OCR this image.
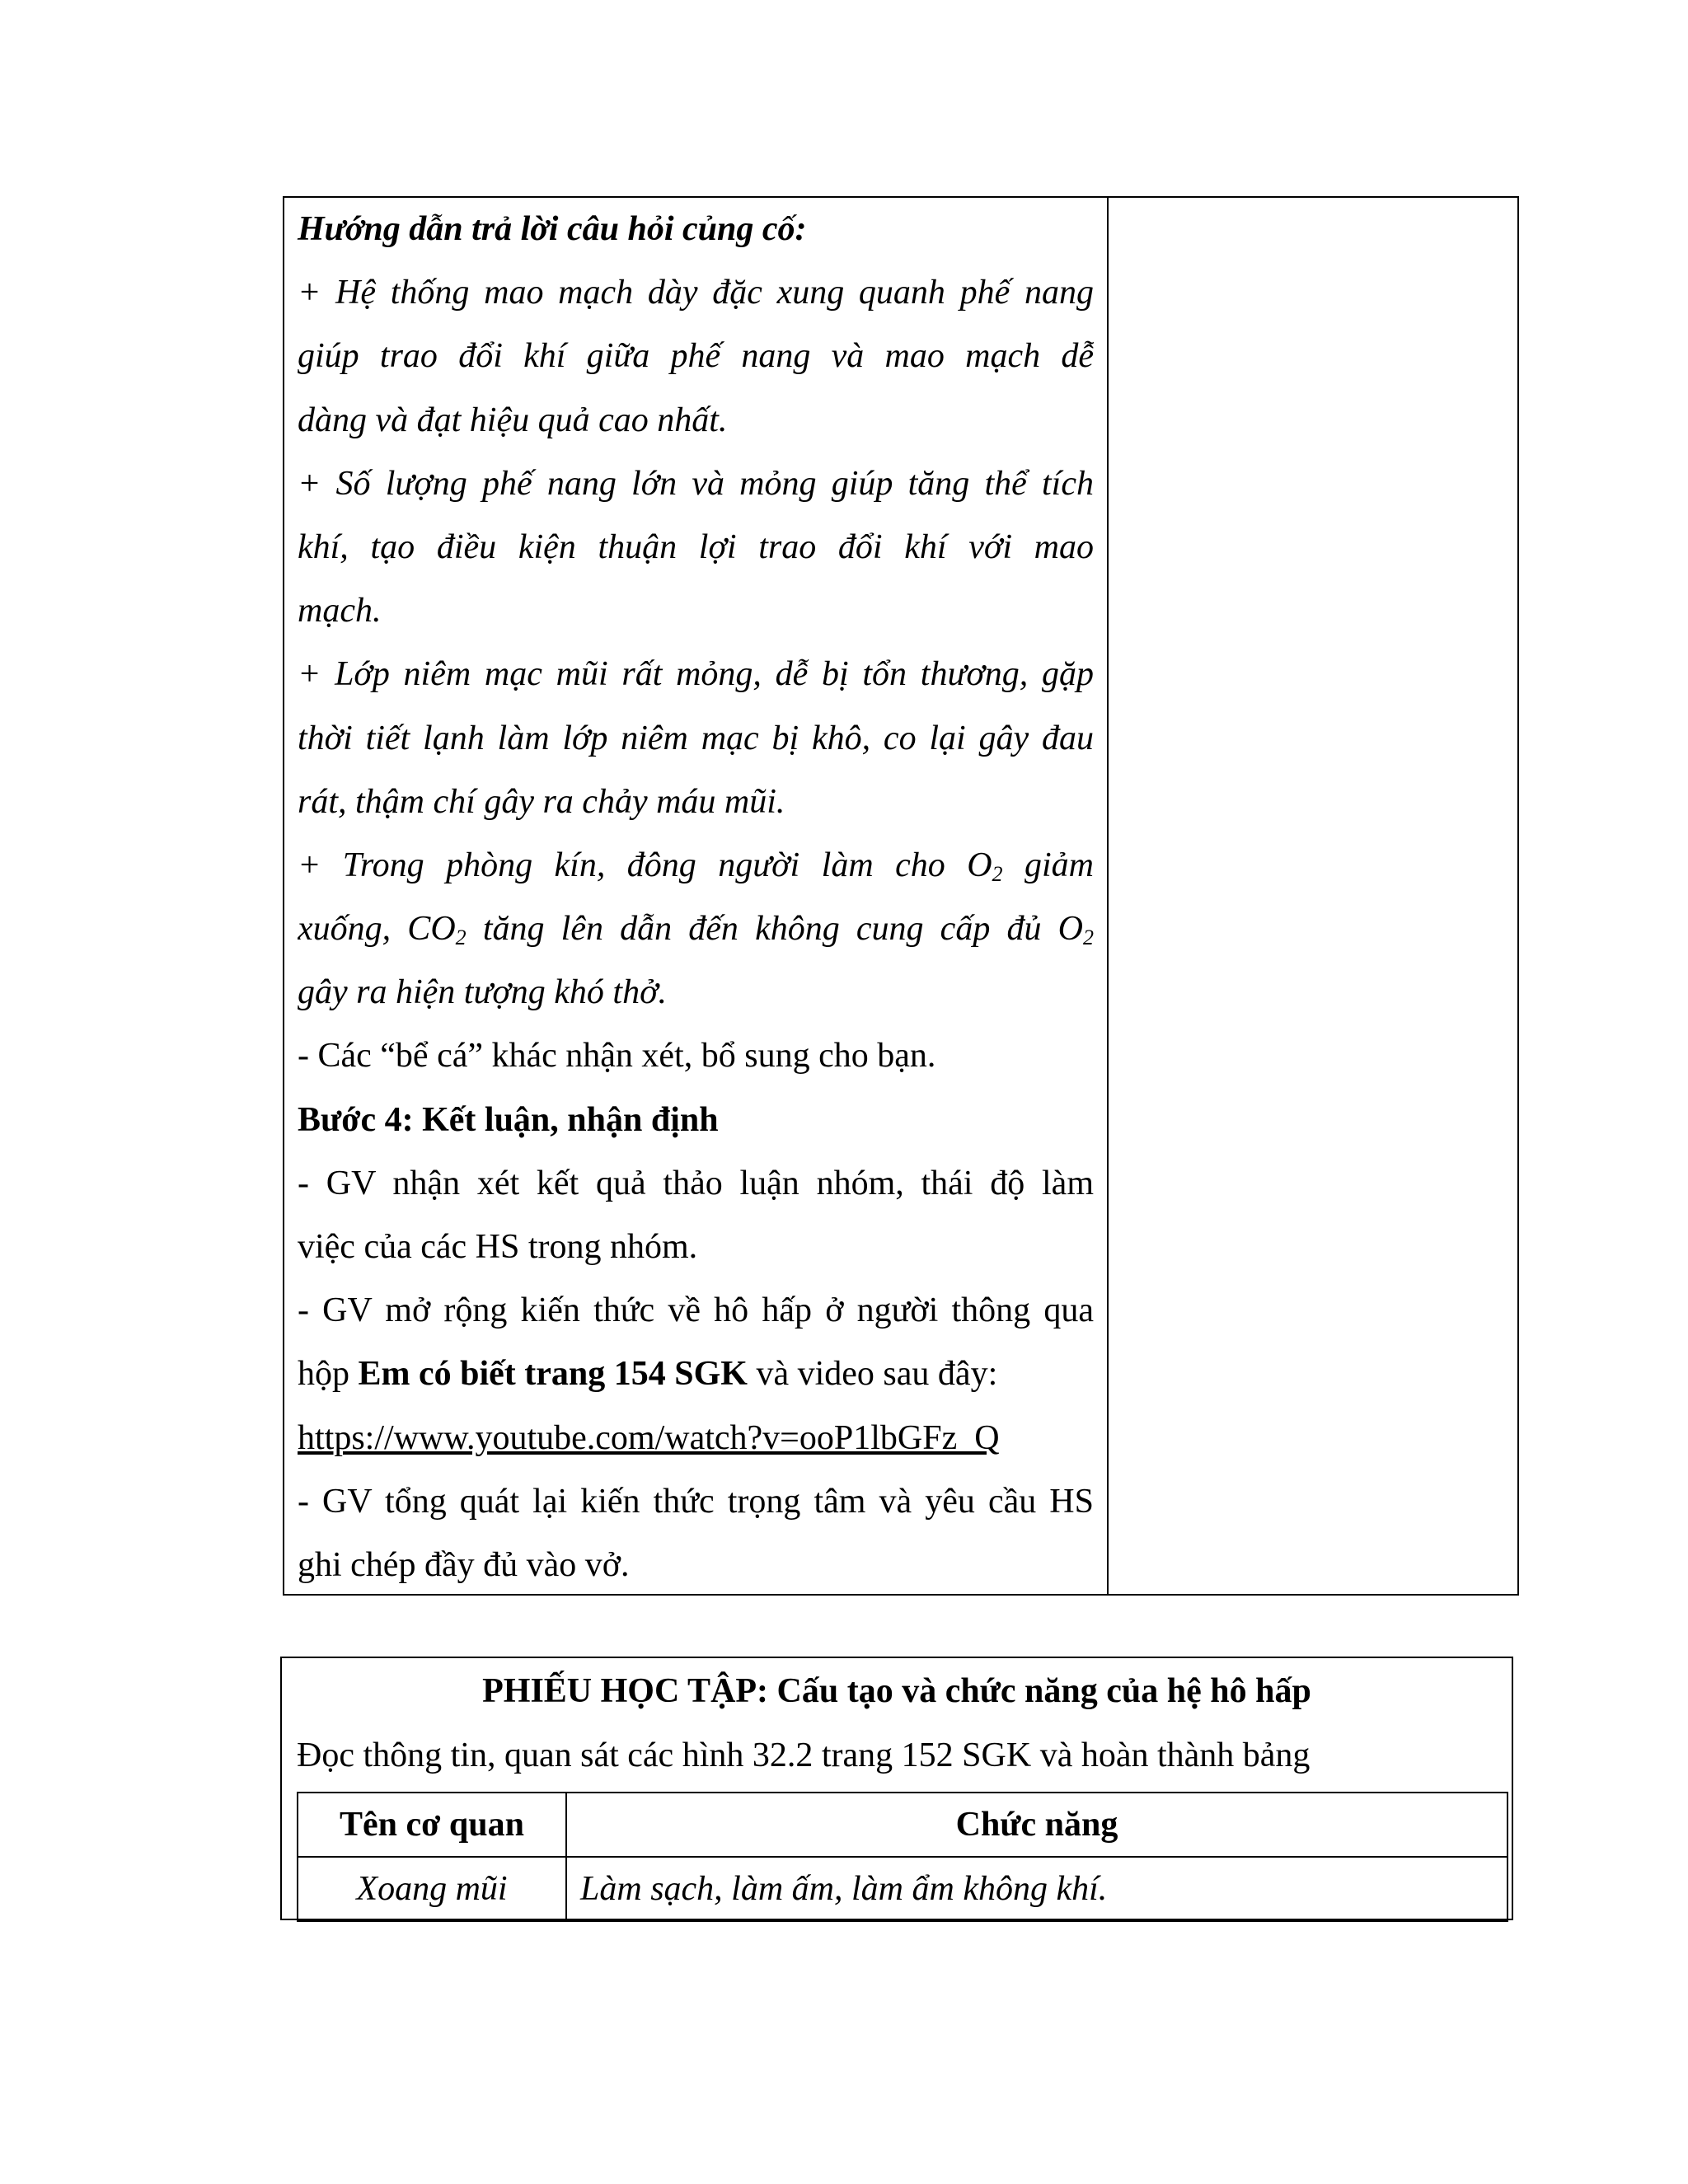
Hướng dẫn trả lời câu hỏi củng cố:
+ Hệ thống mao mạch dày đặc xung quanh phế nang
giúp trao đổi khí giữa phế nang và mao mạch dễ
dàng và đạt hiệu quả cao nhất.
+ Số lượng phế nang lớn và mỏng giúp tăng thể tích
khí, tạo điều kiện thuận lợi trao đổi khí với mao
mạch.
+ Lớp niêm mạc mũi rất mỏng, dễ bị tổn thương, gặp
thời tiết lạnh làm lớp niêm mạc bị khô, co lại gây đau
rát, thậm chí gây ra chảy máu mũi.
+ Trong phòng kín, đông người làm cho $O_2$ giảm
xuống, $CO_2$ tăng lên dẫn đến không cung cấp đủ $O_2$
gây ra hiện tượng khó thở.
- Các “bể cá” khác nhận xét, bổ sung cho bạn.
Bước 4: Kết luận, nhận định
- GV nhận xét kết quả thảo luận nhóm, thái độ làm
việc của các HS trong nhóm.
- GV mở rộng kiến thức về hô hấp ở người thông qua
hộp Em có biết trang 154 SGK và video sau đây:
https://www.youtube.com/watch?v=ooP1lbGFz_Q
- GV tổng quát lại kiến thức trọng tâm và yêu cầu HS
ghi chép đầy đủ vào vở.
PHIẾU HỌC TẬP: Cấu tạo và chức năng của hệ hô hấp
Đọc thông tin, quan sát các hình 32.2 trang 152 SGK và hoàn thành bảng
Tên cơ quan	Chức năng
Xoang mũi	Làm sạch, làm ấm, làm ẩm không khí.
